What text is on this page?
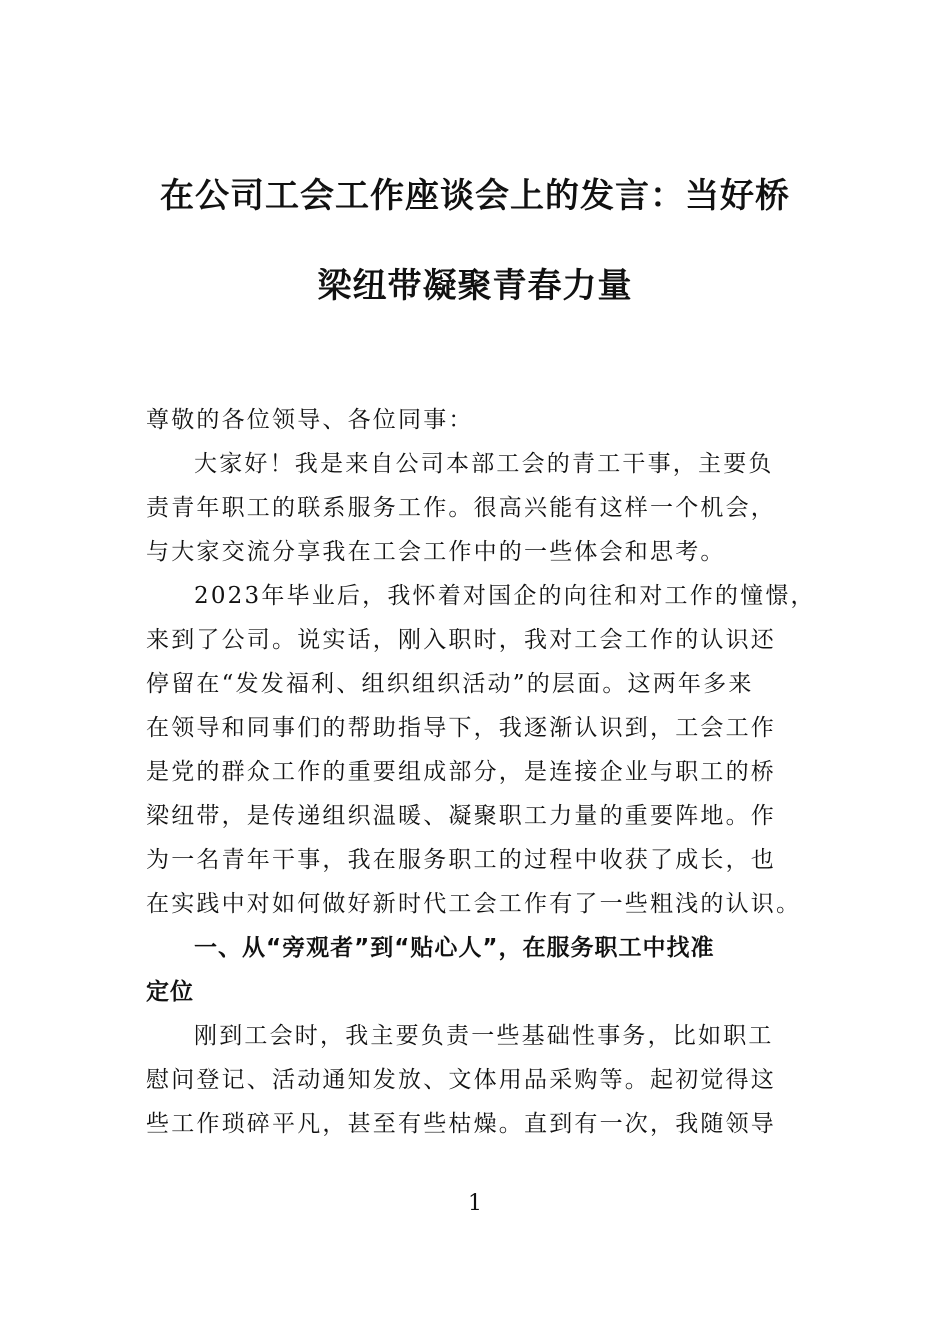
在公司工会工作座谈会上的发言：当好桥
梁纽带凝聚青春力量
尊敬的各位领导、各位同事：
大家好！我是来自公司本部工会的青工干事，主要负
责青年职工的联系服务工作。很高兴能有这样一个机会，
与大家交流分享我在工会工作中的一些体会和思考。
2023年毕业后，我怀着对国企的向往和对工作的憧憬，
来到了公司。说实话，刚入职时，我对工会工作的认识还
停留在“发发福利、组织组织活动”的层面。这两年多来
在领导和同事们的帮助指导下，我逐渐认识到，工会工作
是党的群众工作的重要组成部分，是连接企业与职工的桥
梁纽带，是传递组织温暖、凝聚职工力量的重要阵地。作
为一名青年干事，我在服务职工的过程中收获了成长，也
在实践中对如何做好新时代工会工作有了一些粗浅的认识。
一、从“旁观者”到“贴心人”，在服务职工中找准
定位
刚到工会时，我主要负责一些基础性事务，比如职工
慰问登记、活动通知发放、文体用品采购等。起初觉得这
些工作琐碎平凡，甚至有些枯燥。直到有一次，我随领导
1
